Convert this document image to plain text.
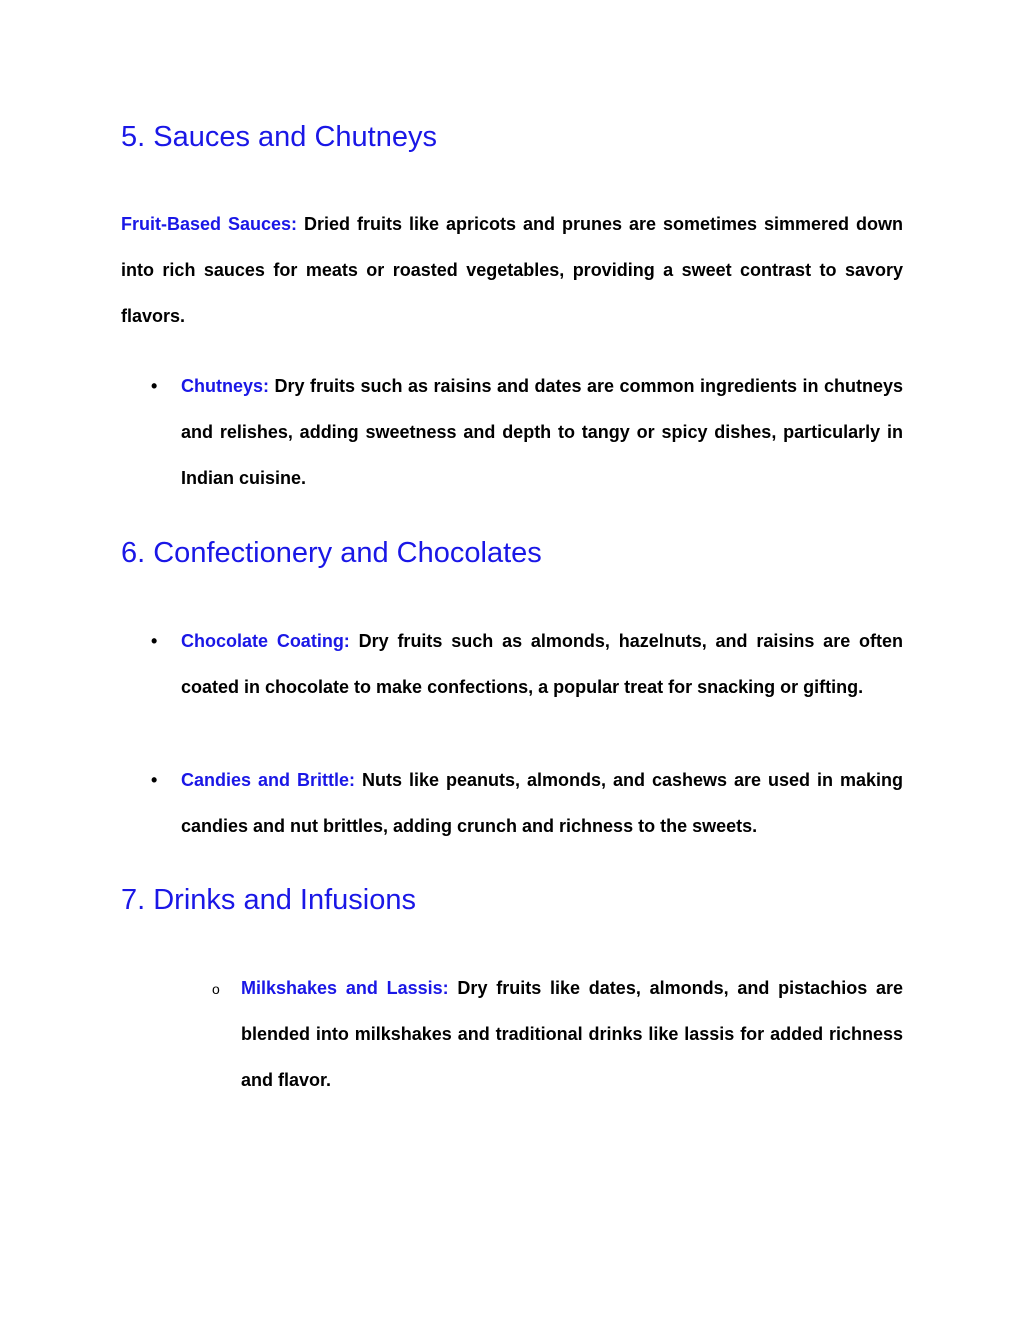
5. Sauces and Chutneys

Fruit-Based Sauces: Dried fruits like apricots and prunes are sometimes simmered down into rich sauces for meats or roasted vegetables, providing a sweet contrast to savory flavors.

• Chutneys: Dry fruits such as raisins and dates are common ingredients in chutneys and relishes, adding sweetness and depth to tangy or spicy dishes, particularly in Indian cuisine.

6. Confectionery and Chocolates
• Chocolate Coating: Dry fruits such as almonds, hazelnuts, and raisins are often coated in chocolate to make confections, a popular treat for snacking or gifting.

• Candies and Brittle: Nuts like peanuts, almonds, and cashews are used in making candies and nut brittles, adding crunch and richness to the sweets.

7. Drinks and Infusions
o Milkshakes and Lassis: Dry fruits like dates, almonds, and pistachios are blended into milkshakes and traditional drinks like lassis for added richness and flavor.
